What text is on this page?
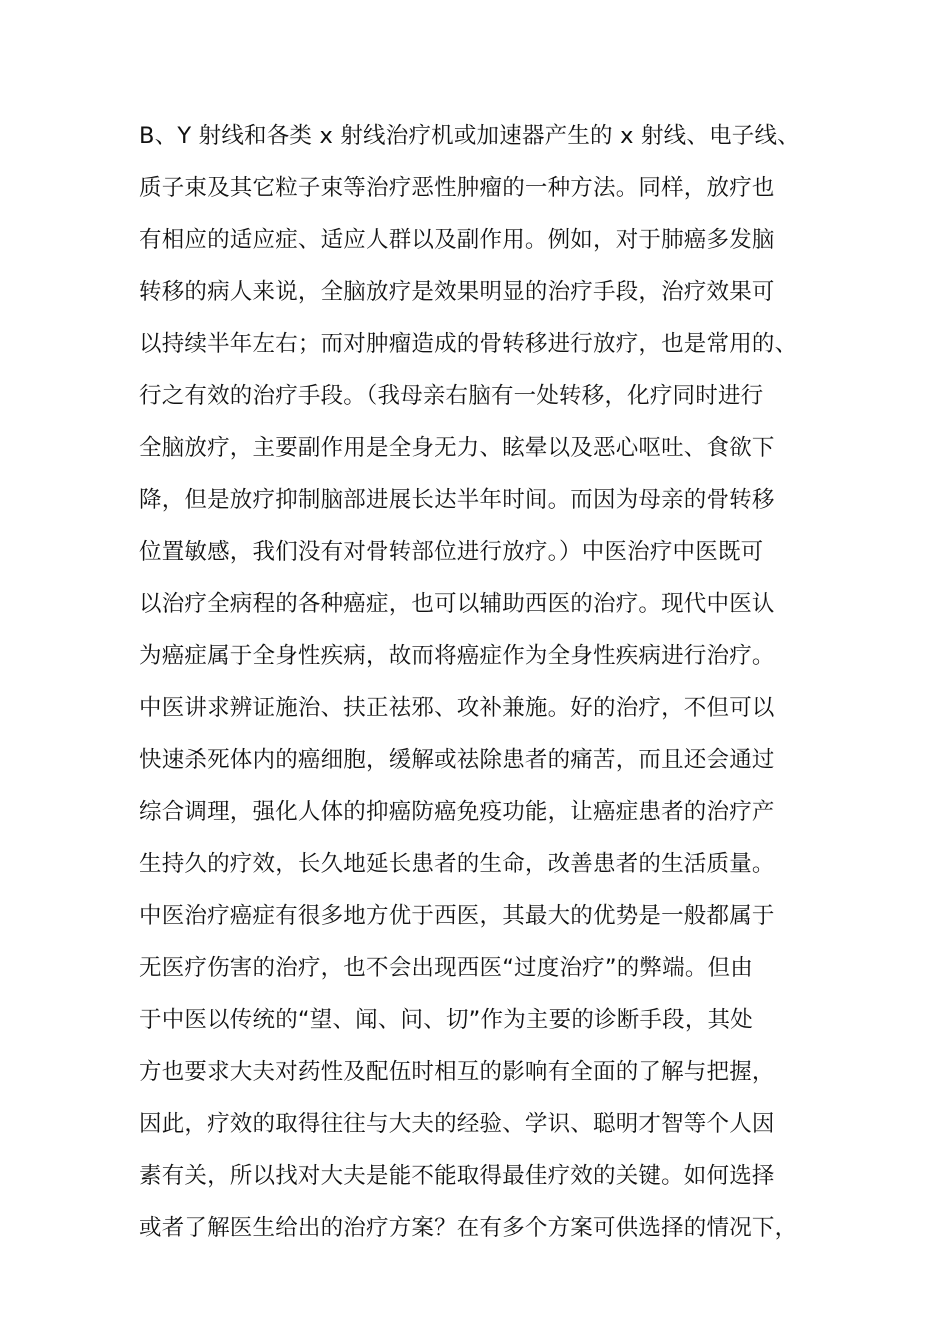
B、Y 射线和各类 x 射线治疗机或加速器产生的 x 射线、电子线、
质子束及其它粒子束等治疗恶性肿瘤的一种方法。同样，放疗也
有相应的适应症、适应人群以及副作用。例如，对于肺癌多发脑
转移的病人来说，全脑放疗是效果明显的治疗手段，治疗效果可
以持续半年左右；而对肿瘤造成的骨转移进行放疗，也是常用的、
行之有效的治疗手段。（我母亲右脑有一处转移，化疗同时进行
全脑放疗，主要副作用是全身无力、眩晕以及恶心呕吐、食欲下
降，但是放疗抑制脑部进展长达半年时间。而因为母亲的骨转移
位置敏感，我们没有对骨转部位进行放疗。）中医治疗中医既可
以治疗全病程的各种癌症，也可以辅助西医的治疗。现代中医认
为癌症属于全身性疾病，故而将癌症作为全身性疾病进行治疗。
中医讲求辨证施治、扶正祛邪、攻补兼施。好的治疗，不但可以
快速杀死体内的癌细胞，缓解或祛除患者的痛苦，而且还会通过
综合调理，强化人体的抑癌防癌免疫功能，让癌症患者的治疗产
生持久的疗效，长久地延长患者的生命，改善患者的生活质量。
中医治疗癌症有很多地方优于西医，其最大的优势是一般都属于
无医疗伤害的治疗，也不会出现西医“过度治疗”的弊端。但由
于中医以传统的“望、闻、问、切”作为主要的诊断手段，其处
方也要求大夫对药性及配伍时相互的影响有全面的了解与把握，
因此，疗效的取得往往与大夫的经验、学识、聪明才智等个人因
素有关，所以找对大夫是能不能取得最佳疗效的关键。如何选择
或者了解医生给出的治疗方案？在有多个方案可供选择的情况下，
